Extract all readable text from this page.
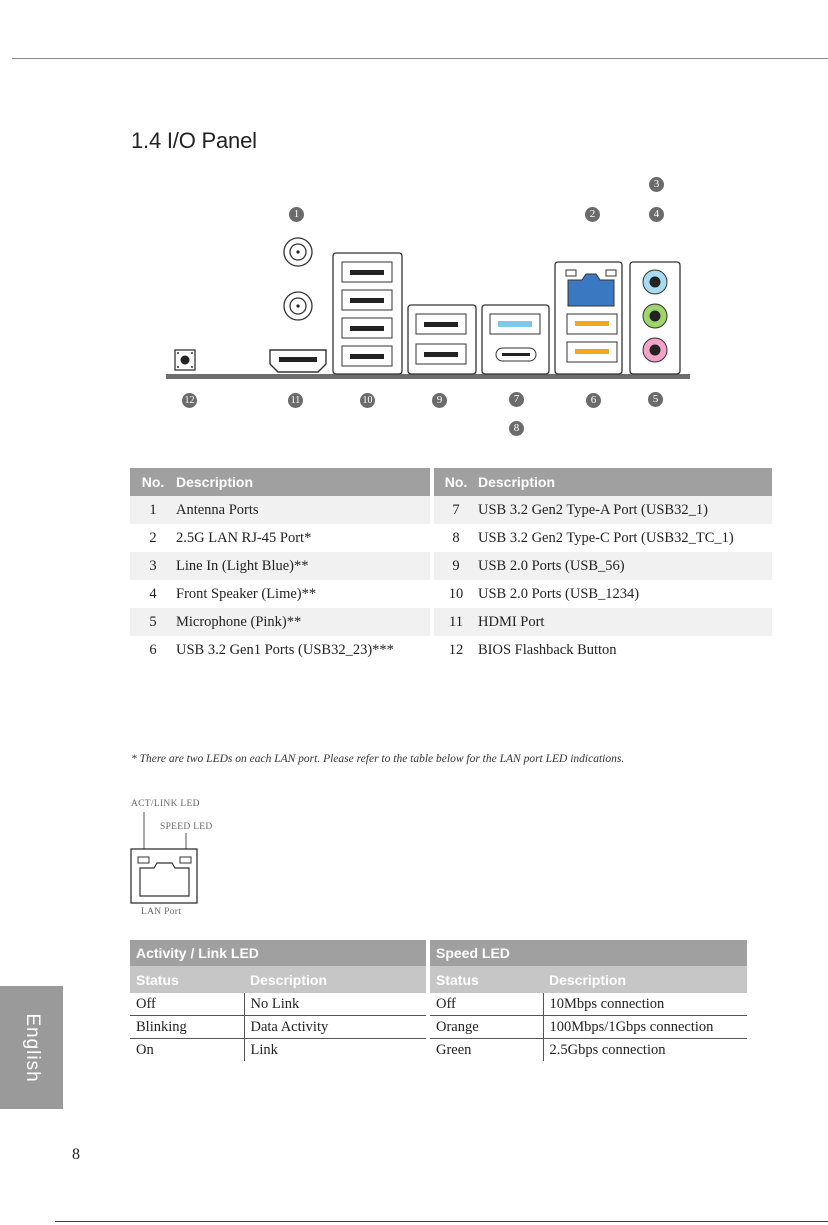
1.4 I/O Panel
1	2
3
4
5
6
7
8
9
10
11
12
No.	Description		No.	Description
1	Antenna Ports		7	USB 3.2 Gen2 Type-A Port (USB32_1)
2	2.5G LAN RJ-45 Port*		8	USB 3.2 Gen2 Type-C Port (USB32_TC_1)
3	Line In (Light Blue)**		9	USB 2.0 Ports (USB_56)
4	Front Speaker (Lime)**		10	USB 2.0 Ports (USB_1234)
5	Microphone (Pink)**		11	HDMI Port
6	USB 3.2 Gen1 Ports (USB32_23)***		12	BIOS Flashback Button
* There are two LEDs on each LAN port. Please refer to the table below for the LAN port LED indications.
ACT/LINK LED
SPEED LED
LAN Port
Activity / Link LED	
Status	Description
Off	No Link
Blinking	Data Activity
On	Link
Speed LED	
Status	Description
Off	10Mbps connection
Orange	100Mbps/1Gbps connection
Green	2.5Gbps connection
English
8
